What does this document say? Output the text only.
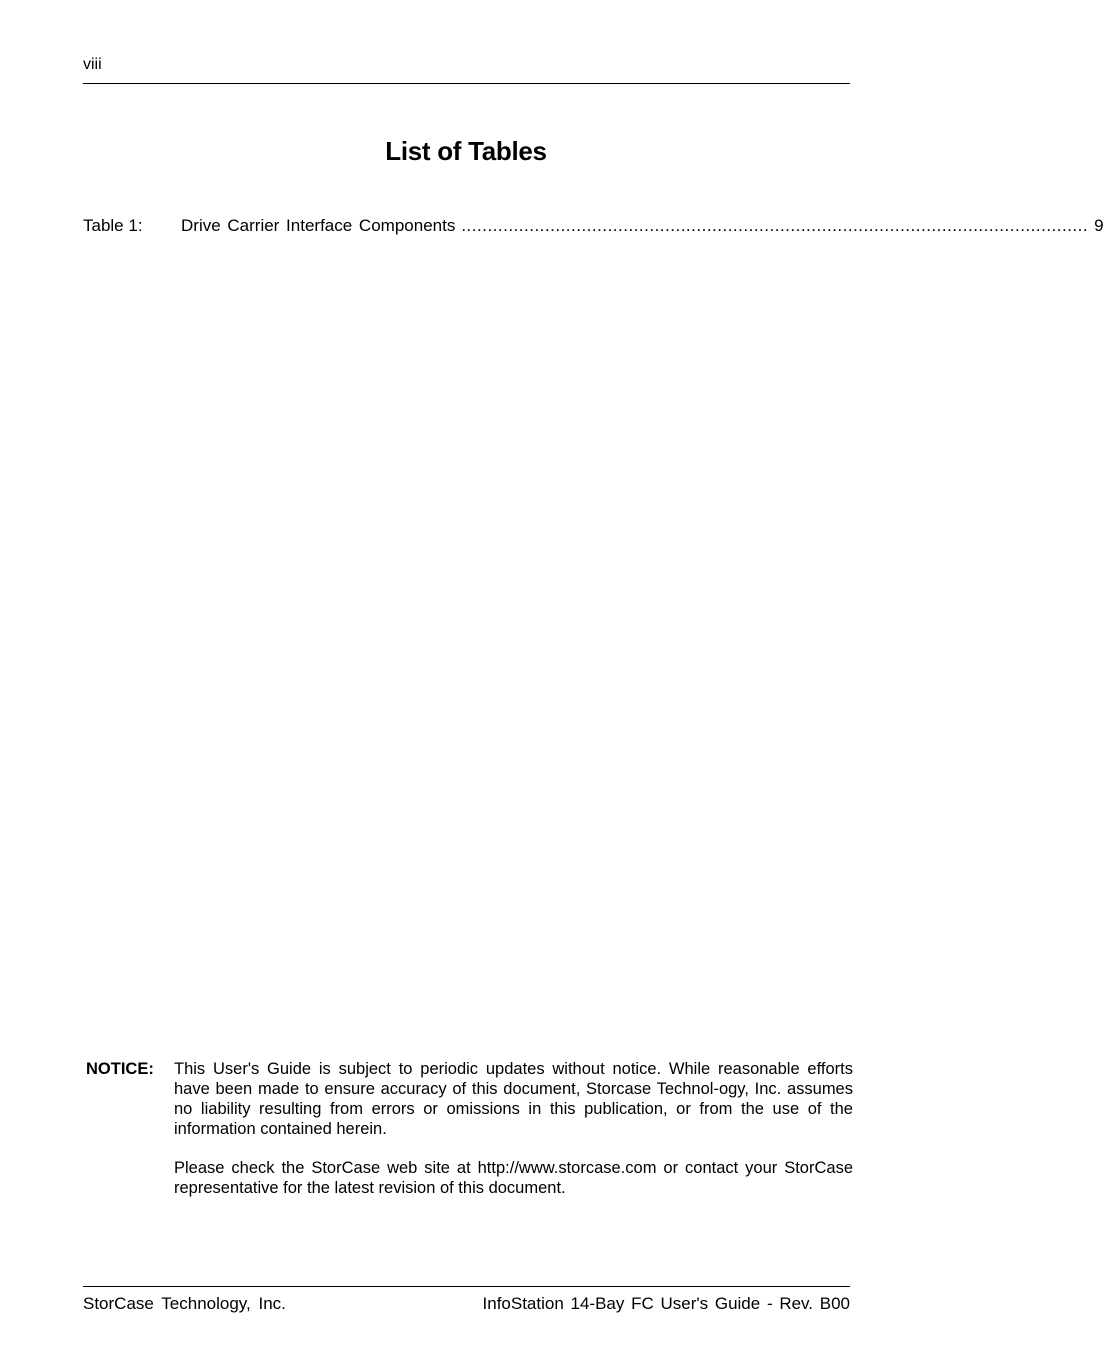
viii
List of Tables
Table 1:	Drive Carrier Interface Components ........................................................................................................................ 9
NOTICE: This User's Guide is subject to periodic updates without notice. While reasonable efforts have been made to ensure accuracy of this document, Storcase Technol-ogy, Inc. assumes no liability resulting from errors or omissions in this publication, or from the use of the information contained herein.

Please check the StorCase web site at http://www.storcase.com or contact your StorCase representative for the latest revision of this document.

StorCase Technology, Inc.	InfoStation 14-Bay FC User's Guide - Rev. B00
